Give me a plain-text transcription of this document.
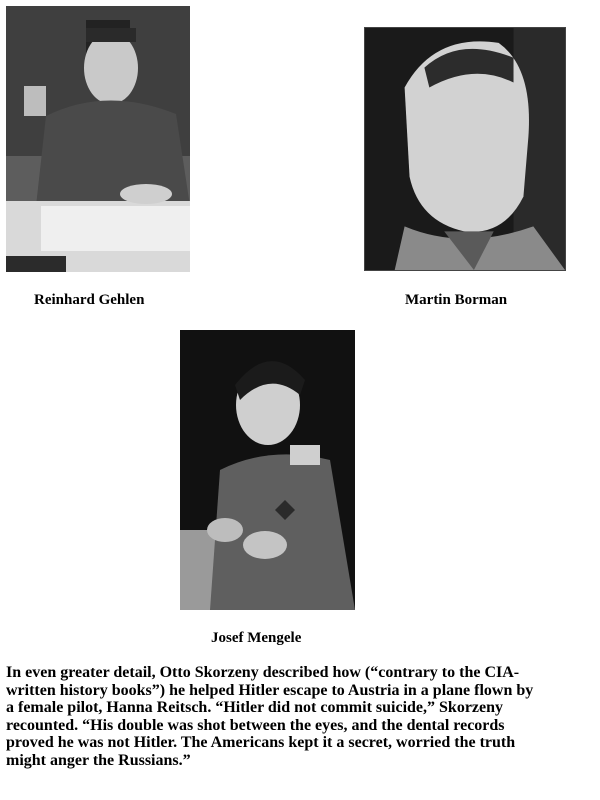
Reinhard Gehlen	Martin Borman
Josef Mengele
In even greater detail, Otto Skorzeny described how (“contrary to the CIA-
written history books”) he helped Hitler escape to Austria in a plane flown by
a female pilot, Hanna Reitsch. “Hitler did not commit suicide,” Skorzeny
recounted. “His double was shot between the eyes, and the dental records
proved he was not Hitler. The Americans kept it a secret, worried the truth
might anger the Russians.”
